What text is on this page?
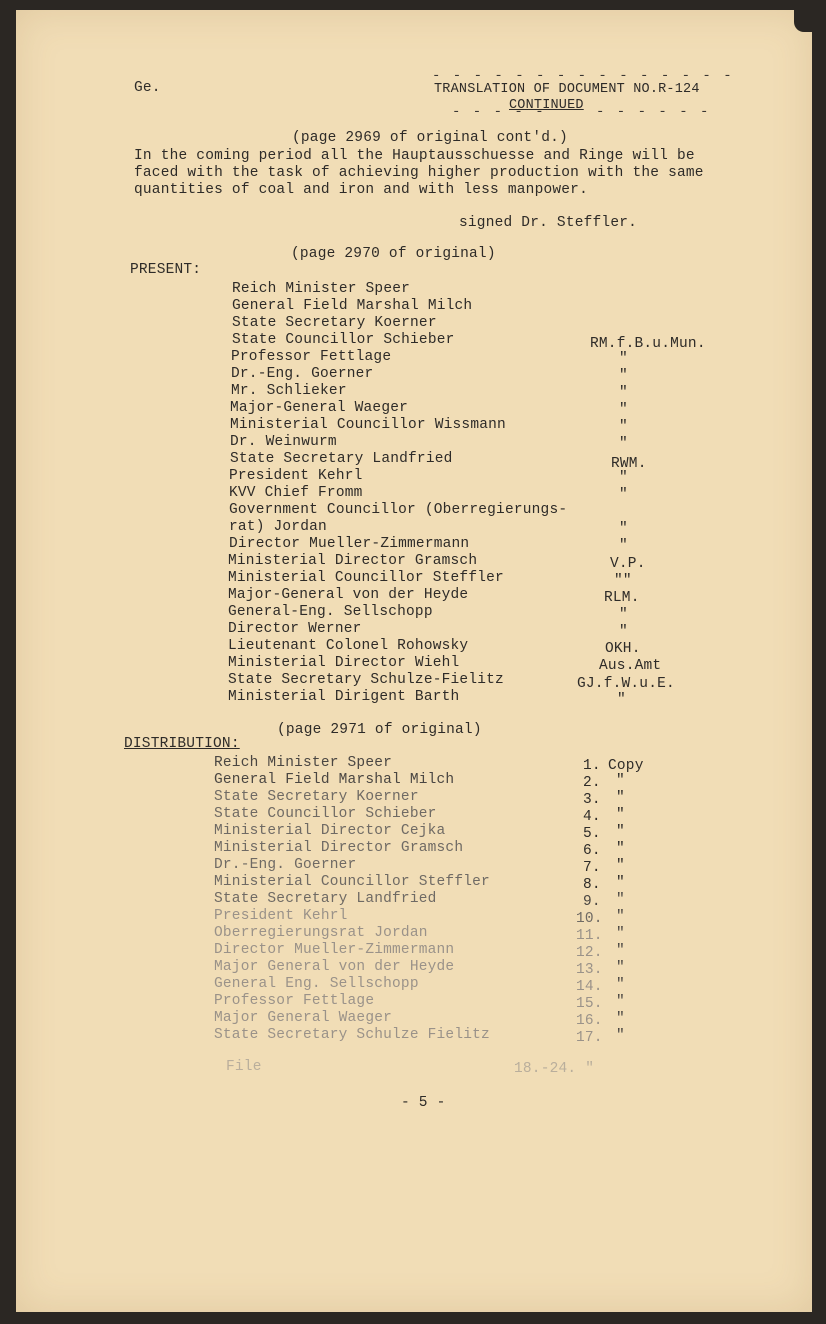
Ge.
- - - - - - - - - - - - - - -
TRANSLATION OF DOCUMENT NO.R-124
- - - - -
CONTINUED - - - - - -
(page 2969 of original cont'd.)
In the coming period all the Hauptausschuesse and Ringe will be
faced with the task of achieving higher production with the same
quantities of coal and iron and with less manpower.
signed Dr. Steffler.
(page 2970 of original)
PRESENT:
Reich Minister Speer
General Field Marshal Milch
State Secretary Koerner
State Councillor Schieber	RM.f.B.u.Mun.
Professor Fettlage	"
Dr.-Eng. Goerner	"
Mr. Schlieker	"
Major-General Waeger	"
Ministerial Councillor Wissmann	"
Dr. Weinwurm	"
State Secretary Landfried	RWM.
President Kehrl	"
KVV Chief Fromm	"
Government Councillor (Oberregierungs-
rat) Jordan	"
Director Mueller-Zimmermann	"
Ministerial Director Gramsch	V.P.
Ministerial Councillor Steffler	""
Major-General von der Heyde	RLM.
General-Eng. Sellschopp	"
Director Werner	"
Lieutenant Colonel Rohowsky	OKH.
Ministerial Director Wiehl	Aus.Amt
State Secretary Schulze-Fielitz	GJ.f.W.u.E.
Ministerial Dirigent Barth	"
(page 2971 of original)
DISTRIBUTION:
Reich Minister Speer	1. Copy
General Field Marshal Milch	2. "
State Secretary Koerner	3. "
State Councillor Schieber	4. "
Ministerial Director Cejka	5. "
Ministerial Director Gramsch	6. "
Dr.-Eng. Goerner	7. "
Ministerial Councillor Steffler	8. "
State Secretary Landfried	9. "
President Kehrl	10. "
Oberregierungsrat Jordan	11. "
Director Mueller-Zimmermann	12. "
Major General von der Heyde	13. "
General Eng. Sellschopp	14. "
Professor Fettlage	15. "
Major General Waeger	16. "
State Secretary Schulze Fielitz	17. "
File	18.-24. "
- 5 -
